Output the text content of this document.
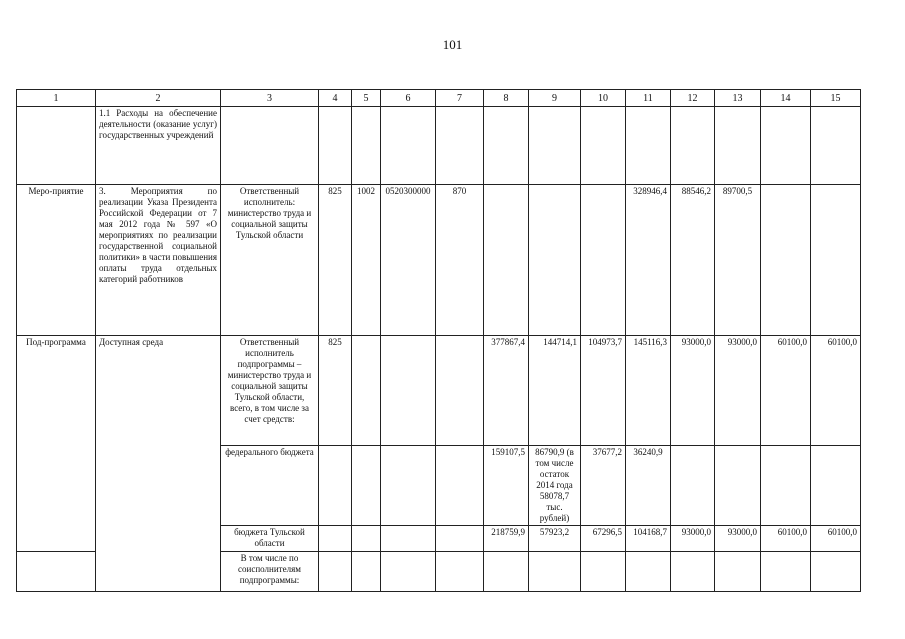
101
1	2	3	4	5	6	7	8	9	10	11	12	13	14	15
	1.1 Расходы на обеспечение деятельности (оказание услуг) государственных учреждений													
Меро-приятие	3. Мероприятия по реализации Указа Президента Российской Федерации от 7 мая 2012 года № 597 «О мероприятиях по реализации государственной социальной политики» в части повышения оплаты труда отдельных категорий работников	Ответственный исполнитель: министерство труда и социальной защиты Тульской области	825	1002	0520300000	870				328946,4	88546,2	89700,5		
Под-программа	Доступная среда	Ответственный исполнитель подпрограммы – министерство труда и социальной защиты Тульской области, всего, в том числе за счет средств:	825				377867,4	144714,1	104973,7	145116,3	93000,0	93000,0	60100,0	60100,0
		федерального бюджета					159107,5	86790,9 (в том числе остаток 2014 года 58078,7 тыс. рублей)	37677,2	36240,9				
		бюджета Тульской области					218759,9	57923,2	67296,5	104168,7	93000,0	93000,0	60100,0	60100,0
		В том числе по соисполнителям подпрограммы:												
